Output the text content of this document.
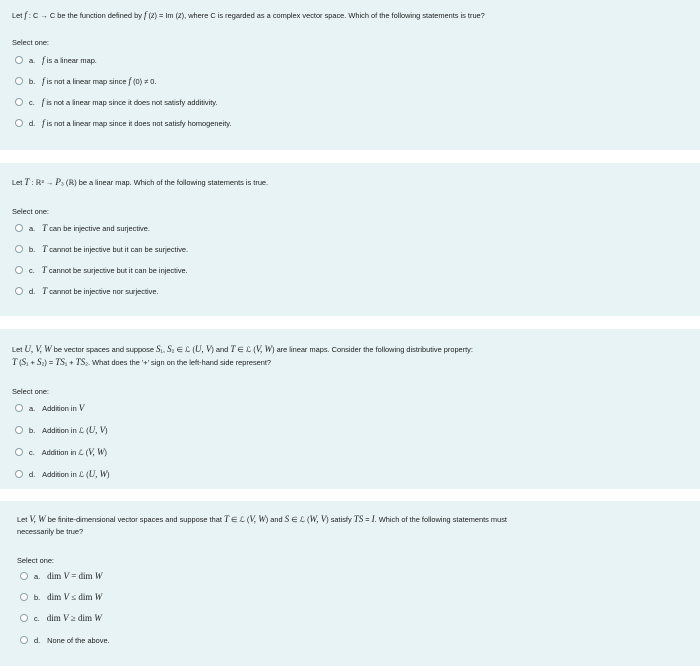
Let f : C → C be the function defined by f (z) = Im (z), where C is regarded as a complex vector space. Which of the following statements is true?
Select one:
a. f is a linear map.
b. f is not a linear map since f (0) ≠ 0.
c. f is not a linear map since it does not satisfy additivity.
d. f is not a linear map since it does not satisfy homogeneity.
Let T : ℝ³ → P₃ (ℝ) be a linear map. Which of the following statements is true.
Select one:
a. T can be injective and surjective.
b. T cannot be injective but it can be surjective.
c. T cannot be surjective but it can be injective.
d. T cannot be injective nor surjective.
Let U, V, W be vector spaces and suppose S₁, S₂ ∈ ℒ (U, V) and T ∈ ℒ (V, W) are linear maps. Consider the following distributive property:
T (S₁ + S₂) = TS₁ + TS₂. What does the '+' sign on the left-hand side represent?
Select one:
a. Addition in V
b. Addition in ℒ (U, V)
c. Addition in ℒ (V, W)
d. Addition in ℒ (U, W)
Let V, W be finite-dimensional vector spaces and suppose that T ∈ ℒ (V, W) and S ∈ ℒ (W, V) satisfy TS = I. Which of the following statements must
necessarily be true?
Select one:
a. dim V = dim W
b. dim V ≤ dim W
c. dim V ≥ dim W
d. None of the above.
